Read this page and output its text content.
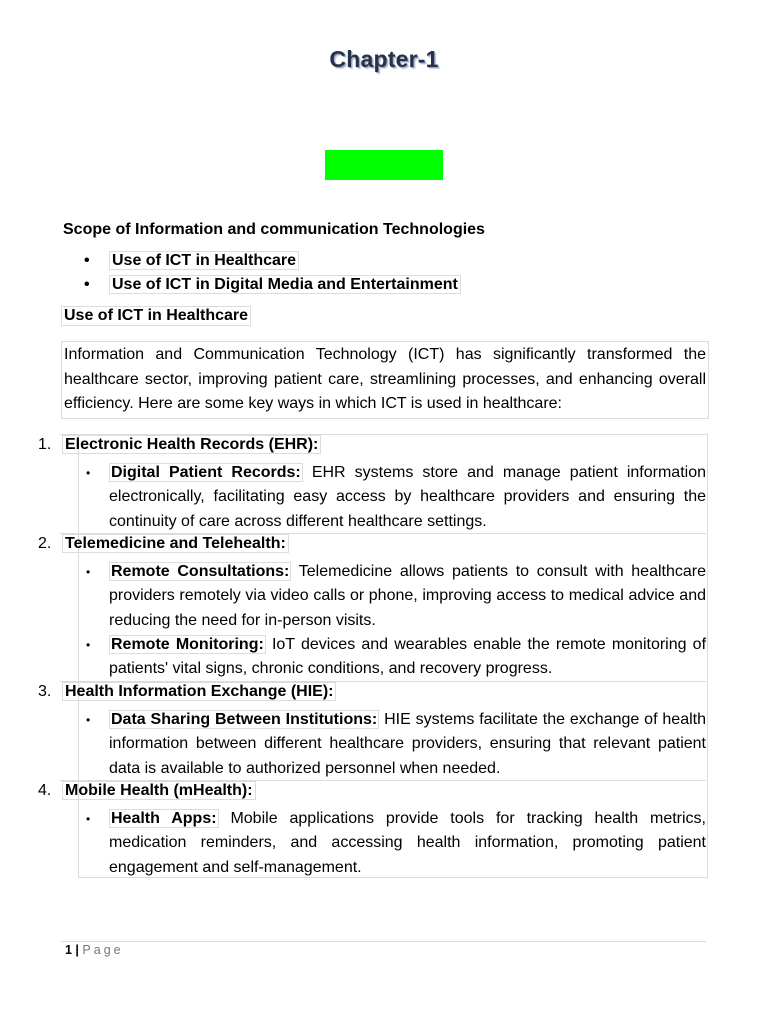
Chapter-1
Scope of Information and communication Technologies
• Use of ICT in Healthcare
• Use of ICT in Digital Media and Entertainment
Use of ICT in Healthcare
Information and Communication Technology (ICT) has significantly transformed the healthcare sector, improving patient care, streamlining processes, and enhancing overall efficiency. Here are some key ways in which ICT is used in healthcare:
1. Electronic Health Records (EHR):
• Digital Patient Records: EHR systems store and manage patient information electronically, facilitating easy access by healthcare providers and ensuring the continuity of care across different healthcare settings.
2. Telemedicine and Telehealth:
• Remote Consultations: Telemedicine allows patients to consult with healthcare providers remotely via video calls or phone, improving access to medical advice and reducing the need for in-person visits.
• Remote Monitoring: IoT devices and wearables enable the remote monitoring of patients' vital signs, chronic conditions, and recovery progress.
3. Health Information Exchange (HIE):
• Data Sharing Between Institutions: HIE systems facilitate the exchange of health information between different healthcare providers, ensuring that relevant patient data is available to authorized personnel when needed.
4. Mobile Health (mHealth):
• Health Apps: Mobile applications provide tools for tracking health metrics, medication reminders, and accessing health information, promoting patient engagement and self-management.
1 | Page
